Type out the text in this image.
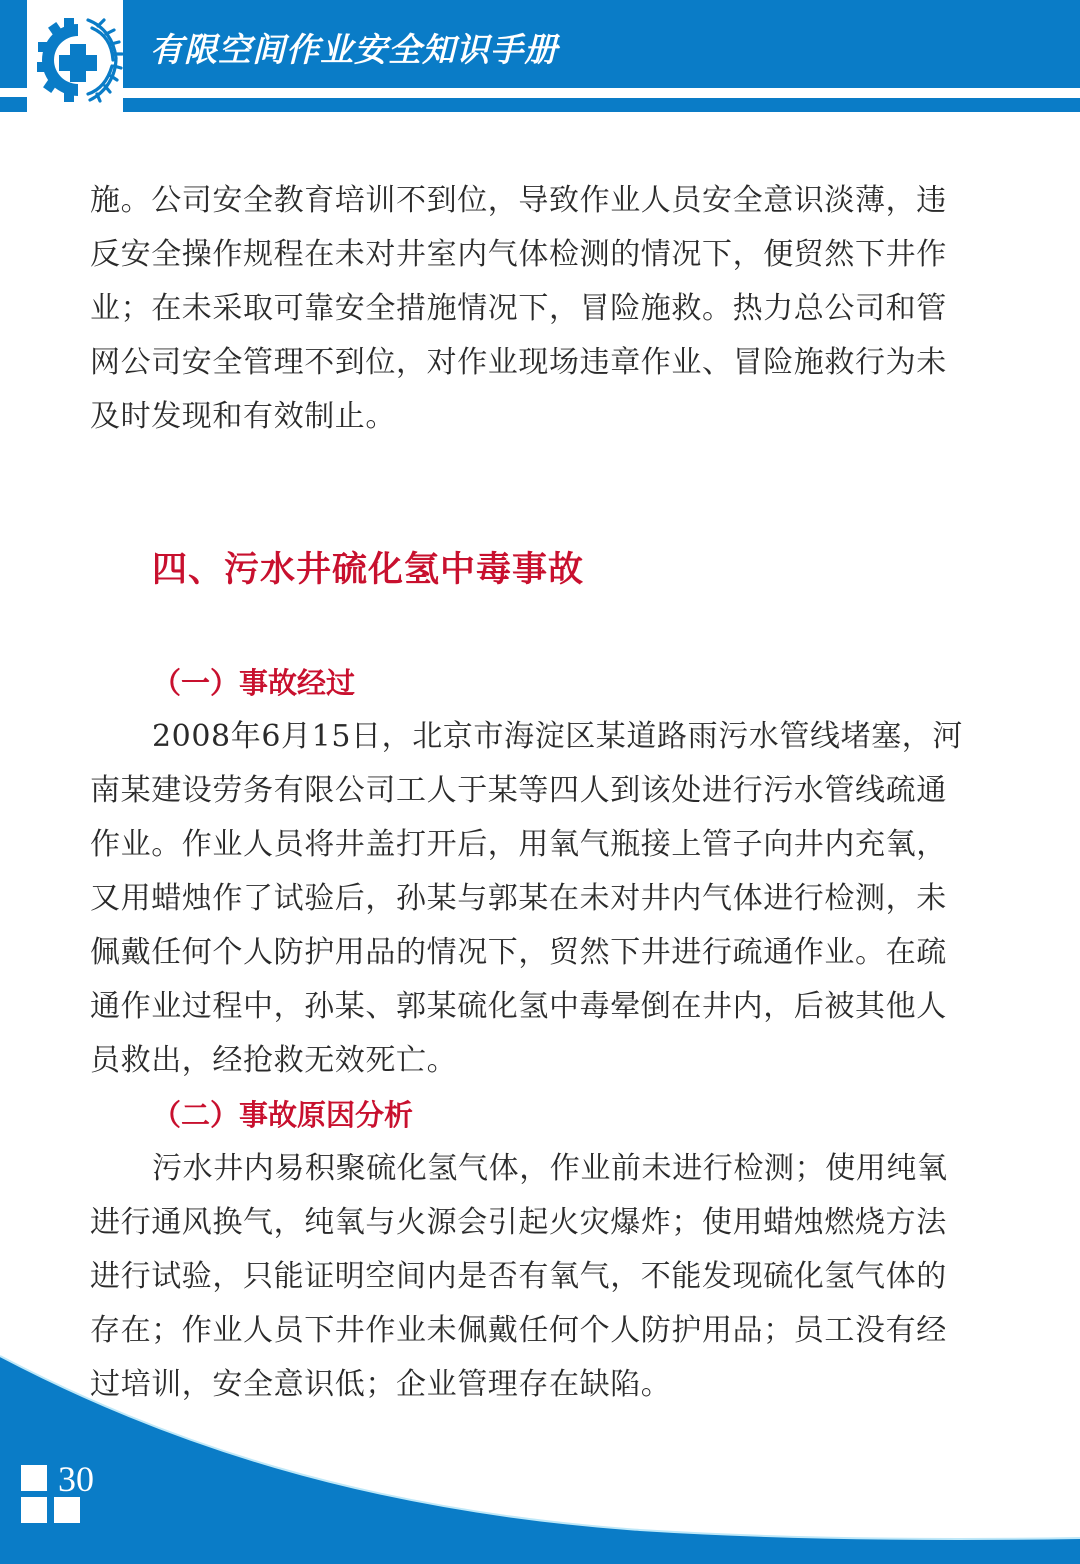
有限空间作业安全知识手册
施。公司安全教育培训不到位，导致作业人员安全意识淡薄，违
反安全操作规程在未对井室内气体检测的情况下，便贸然下井作
业；在未采取可靠安全措施情况下，冒险施救。热力总公司和管
网公司安全管理不到位，对作业现场违章作业、冒险施救行为未
及时发现和有效制止。
四、污水井硫化氢中毒事故
（一）事故经过
2008年6月15日，北京市海淀区某道路雨污水管线堵塞，河
南某建设劳务有限公司工人于某等四人到该处进行污水管线疏通
作业。作业人员将井盖打开后，用氧气瓶接上管子向井内充氧，
又用蜡烛作了试验后，孙某与郭某在未对井内气体进行检测，未
佩戴任何个人防护用品的情况下，贸然下井进行疏通作业。在疏
通作业过程中，孙某、郭某硫化氢中毒晕倒在井内，后被其他人
员救出，经抢救无效死亡。
（二）事故原因分析
污水井内易积聚硫化氢气体，作业前未进行检测；使用纯氧
进行通风换气，纯氧与火源会引起火灾爆炸；使用蜡烛燃烧方法
进行试验，只能证明空间内是否有氧气，不能发现硫化氢气体的
存在；作业人员下井作业未佩戴任何个人防护用品；员工没有经
过培训，安全意识低；企业管理存在缺陷。
30
